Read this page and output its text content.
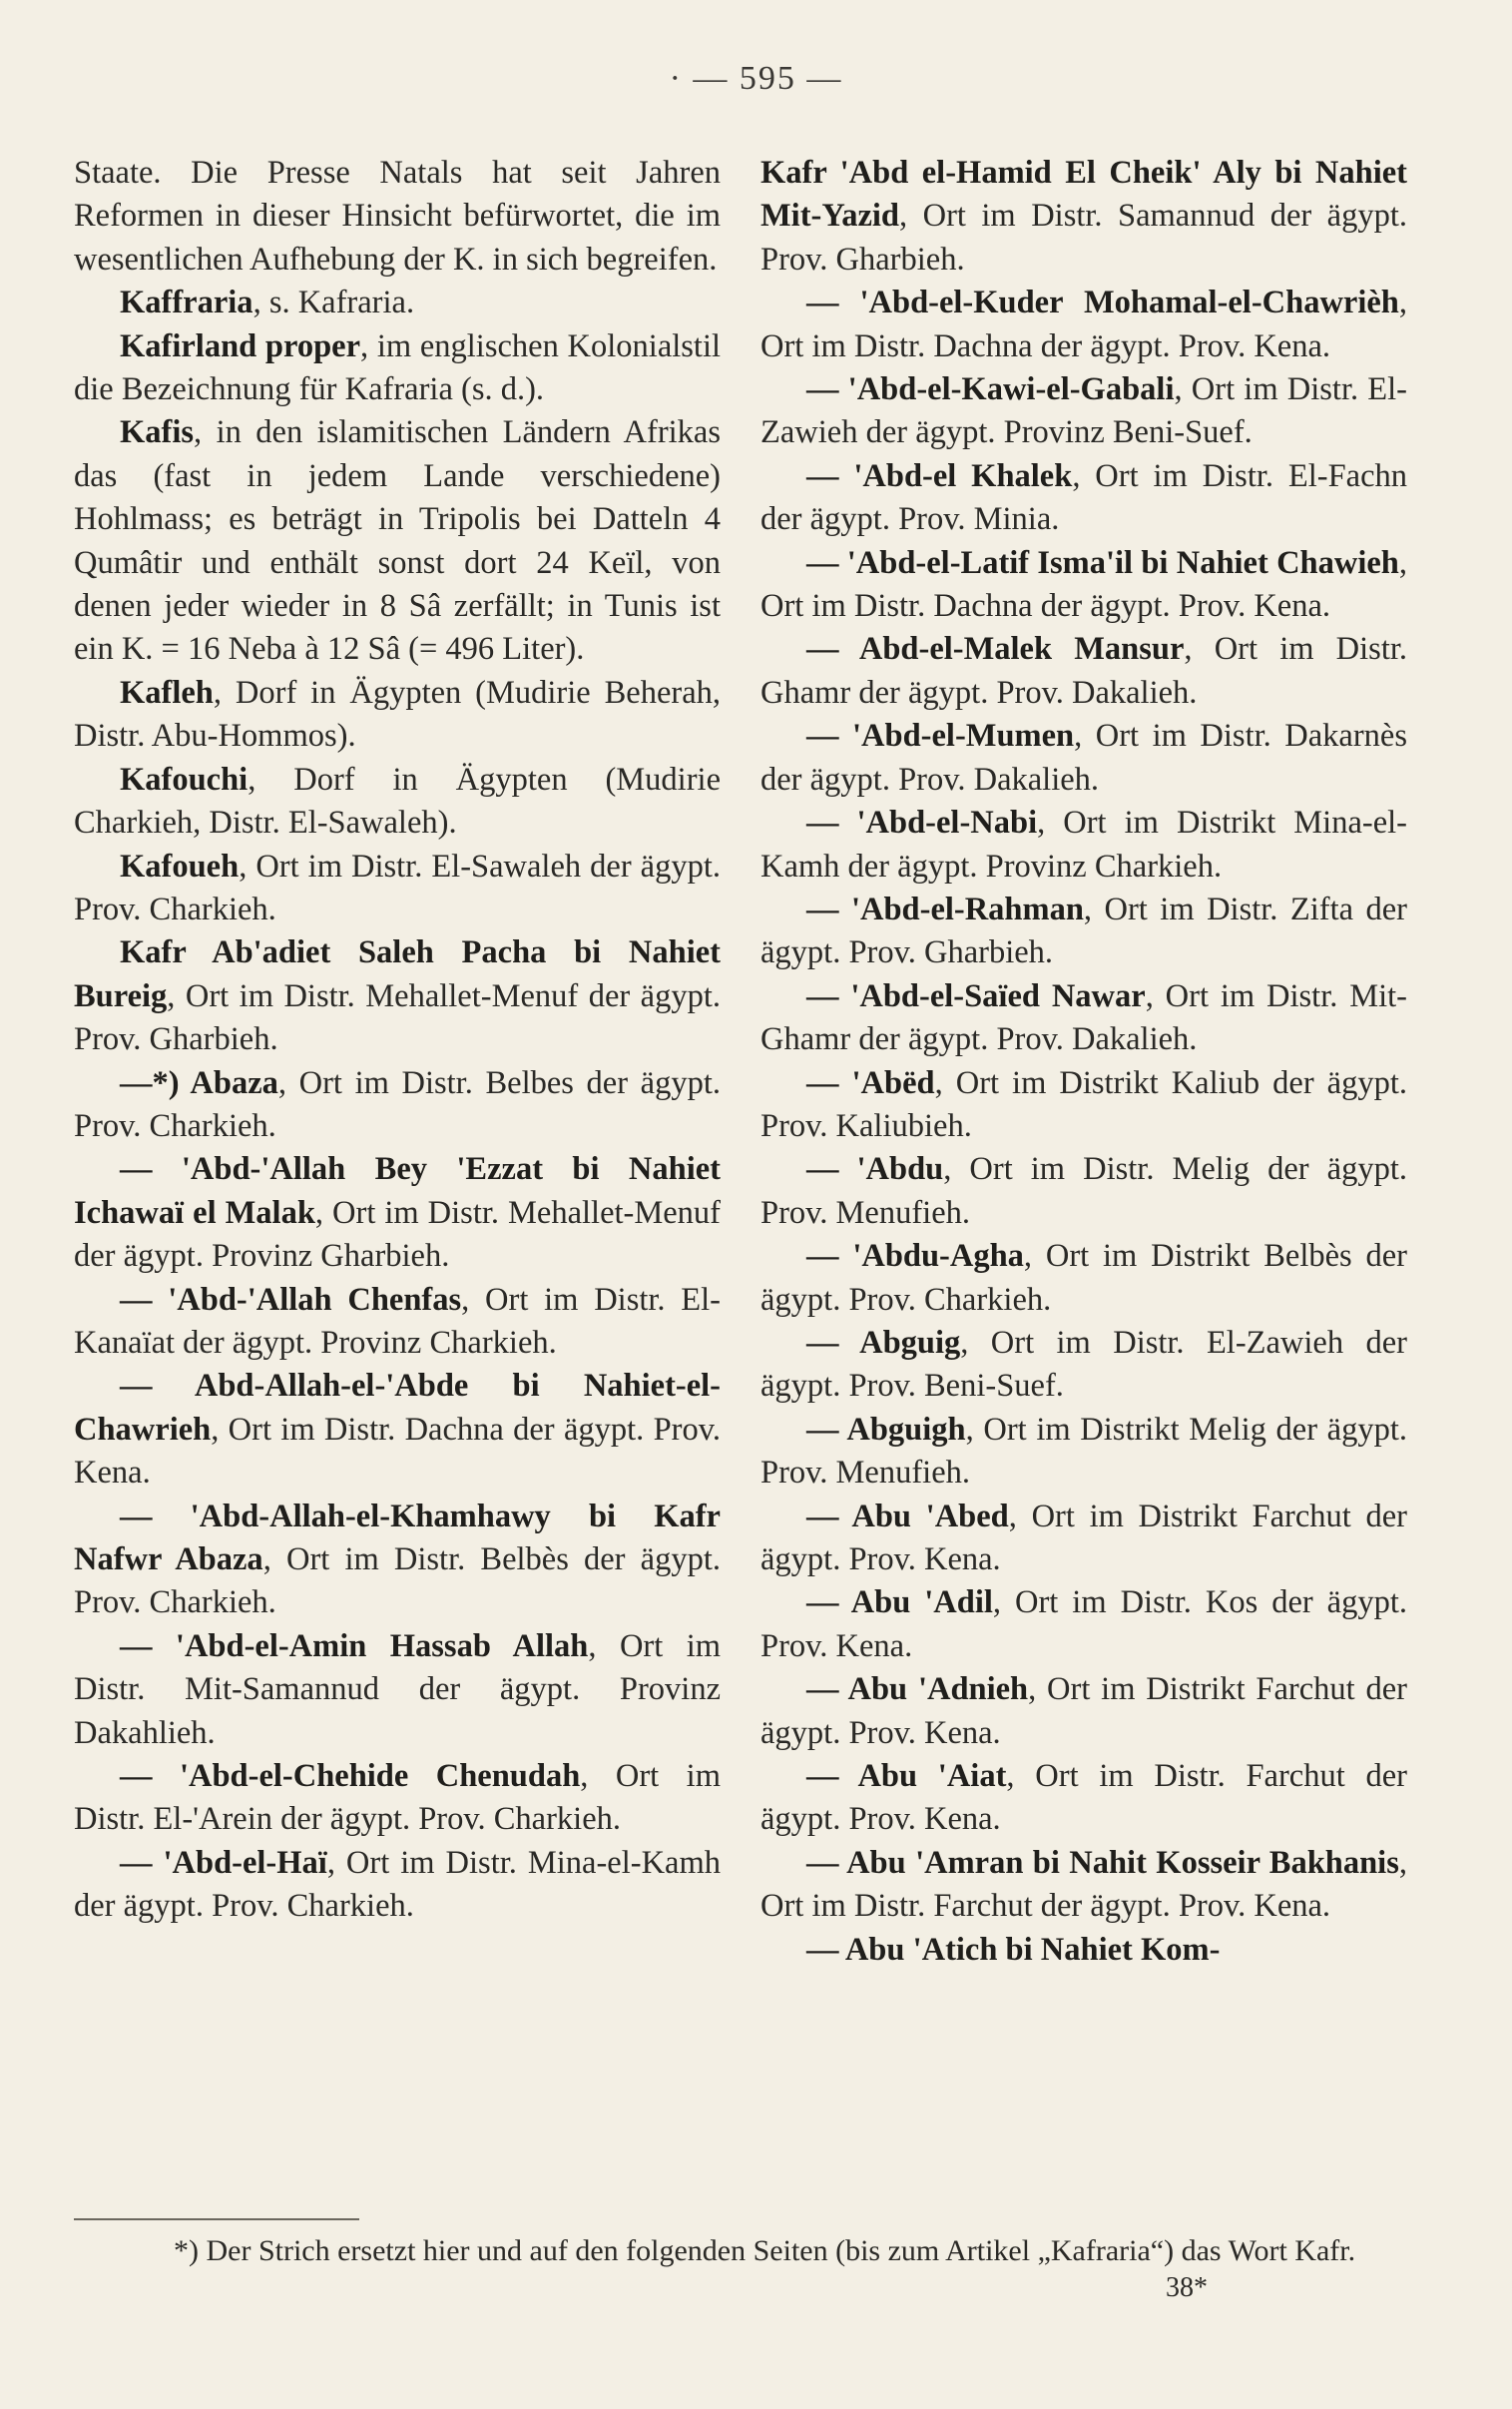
· — 595 —

Staate. Die Presse Natals hat seit Jahren Reformen in dieser Hinsicht befürwortet, die im wesentlichen Aufhebung der K. in sich begreifen.

Kaffraria, s. Kafraria.

Kafirland proper, im englischen Kolonialstil die Bezeichnung für Kafraria (s. d.).

Kafis, in den islamitischen Ländern Afrikas das (fast in jedem Lande verschiedene) Hohlmass; es beträgt in Tripolis bei Datteln 4 Qumâtir und enthält sonst dort 24 Keïl, von denen jeder wieder in 8 Sâ zerfällt; in Tunis ist ein K. = 16 Neba à 12 Sâ (= 496 Liter).

Kafleh, Dorf in Ägypten (Mudirie Beherah, Distr. Abu-Hommos).

Kafouchi, Dorf in Ägypten (Mudirie Charkieh, Distr. El-Sawaleh).

Kafoueh, Ort im Distr. El-Sawaleh der ägypt. Prov. Charkieh.

Kafr Ab'adiet Saleh Pacha bi Nahiet Bureig, Ort im Distr. Mehallet-Menuf der ägypt. Prov. Gharbieh.

—*) Abaza, Ort im Distr. Belbes der ägypt. Prov. Charkieh.

— 'Abd-'Allah Bey 'Ezzat bi Nahiet Ichawaï el Malak, Ort im Distr. Mehallet-Menuf der ägypt. Provinz Gharbieh.

— 'Abd-'Allah Chenfas, Ort im Distr. El-Kanaïat der ägypt. Provinz Charkieh.

— Abd-Allah-el-'Abde bi Nahiet-el-Chawrieh, Ort im Distr. Dachna der ägypt. Prov. Kena.

— 'Abd-Allah-el-Khamhawy bi Kafr Nafwr Abaza, Ort im Distr. Belbès der ägypt. Prov. Charkieh.

— 'Abd-el-Amin Hassab Allah, Ort im Distr. Mit-Samannud der ägypt. Provinz Dakahlieh.

— 'Abd-el-Chehide Chenudah, Ort im Distr. El-'Arein der ägypt. Prov. Charkieh.

— 'Abd-el-Haï, Ort im Distr. Mina-el-Kamh der ägypt. Prov. Charkieh.

Kafr 'Abd el-Hamid El Cheik' Aly bi Nahiet Mit-Yazid, Ort im Distr. Samannud der ägypt. Prov. Gharbieh.

— 'Abd-el-Kuder Mohamal-el-Chawrièh, Ort im Distr. Dachna der ägypt. Prov. Kena.

— 'Abd-el-Kawi-el-Gabali, Ort im Distr. El-Zawieh der ägypt. Provinz Beni-Suef.

— 'Abd-el Khalek, Ort im Distr. El-Fachn der ägypt. Prov. Minia.

— 'Abd-el-Latif Isma'il bi Nahiet Chawieh, Ort im Distr. Dachna der ägypt. Prov. Kena.

— Abd-el-Malek Mansur, Ort im Distr. Ghamr der ägypt. Prov. Dakalieh.

— 'Abd-el-Mumen, Ort im Distr. Dakarnès der ägypt. Prov. Dakalieh.

— 'Abd-el-Nabi, Ort im Distrikt Mina-el-Kamh der ägypt. Provinz Charkieh.

— 'Abd-el-Rahman, Ort im Distr. Zifta der ägypt. Prov. Gharbieh.

— 'Abd-el-Saïed Nawar, Ort im Distr. Mit-Ghamr der ägypt. Prov. Dakalieh.

— 'Abëd, Ort im Distrikt Kaliub der ägypt. Prov. Kaliubieh.

— 'Abdu, Ort im Distr. Melig der ägypt. Prov. Menufieh.

— 'Abdu-Agha, Ort im Distrikt Belbès der ägypt. Prov. Charkieh.

— Abguig, Ort im Distr. El-Zawieh der ägypt. Prov. Beni-Suef.

— Abguigh, Ort im Distrikt Melig der ägypt. Prov. Menufieh.

— Abu 'Abed, Ort im Distrikt Farchut der ägypt. Prov. Kena.

— Abu 'Adil, Ort im Distr. Kos der ägypt. Prov. Kena.

— Abu 'Adnieh, Ort im Distrikt Farchut der ägypt. Prov. Kena.

— Abu 'Aiat, Ort im Distr. Farchut der ägypt. Prov. Kena.

— Abu 'Amran bi Nahit Kosseir Bakhanis, Ort im Distr. Farchut der ägypt. Prov. Kena.

— Abu 'Atich bi Nahiet Kom-

*) Der Strich ersetzt hier und auf den folgenden Seiten (bis zum Artikel „Kafraria“) das Wort Kafr.
38*
